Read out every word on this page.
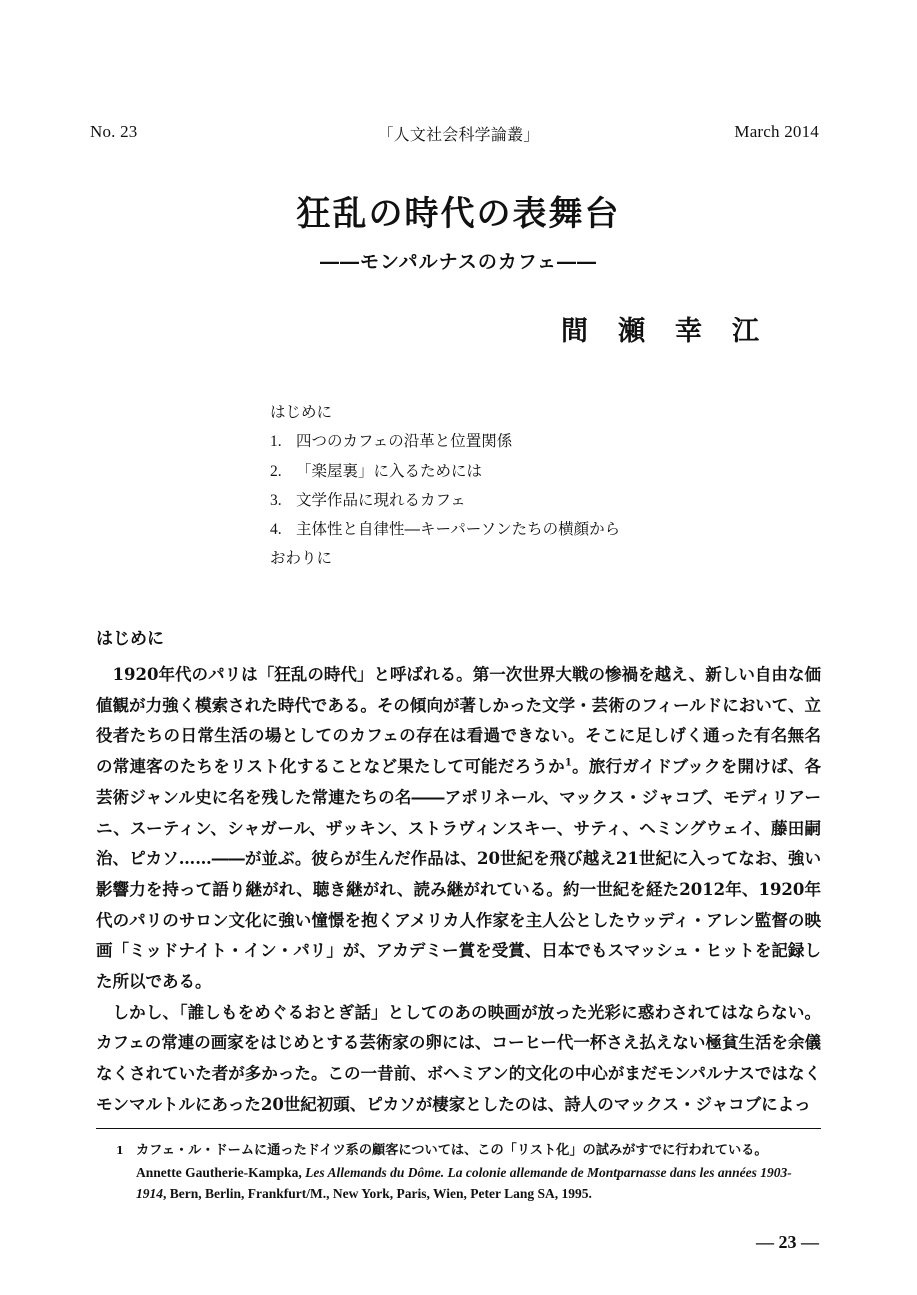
No. 23	「人文社会科学論叢」	March 2014
狂乱の時代の表舞台
――モンパルナスのカフェ――
間瀬幸江
はじめに
1. 四つのカフェの沿革と位置関係
2. 「楽屋裏」に入るためには
3. 文学作品に現れるカフェ
4. 主体性と自律性―キーパーソンたちの横顔から
おわりに
はじめに

1920年代のパリは「狂乱の時代」と呼ばれる。第一次世界大戦の惨禍を越え、新しい自由な価値観が力強く模索された時代である。その傾向が著しかった文学・芸術のフィールドにおいて、立役者たちの日常生活の場としてのカフェの存在は看過できない。そこに足しげく通った有名無名の常連客のたちをリスト化することなど果たして可能だろうか$^1$。旅行ガイドブックを開けば、各芸術ジャンル史に名を残した常連たちの名――アポリネール、マックス・ジャコブ、モディリアーニ、スーティン、シャガール、ザッキン、ストラヴィンスキー、サティ、ヘミングウェイ、藤田嗣治、ピカソ……――が並ぶ。彼らが生んだ作品は、20世紀を飛び越え21世紀に入ってなお、強い影響力を持って語り継がれ、聴き継がれ、読み継がれている。約一世紀を経た2012年、1920年代のパリのサロン文化に強い憧憬を抱くアメリカ人作家を主人公としたウッディ・アレン監督の映画「ミッドナイト・イン・パリ」が、アカデミー賞を受賞、日本でもスマッシュ・ヒットを記録した所以である。

しかし、「誰しもをめぐるおとぎ話」としてのあの映画が放った光彩に惑わされてはならない。カフェの常連の画家をはじめとする芸術家の卵には、コーヒー代一杯さえ払えない極貧生活を余儀なくされていた者が多かった。この一昔前、ボヘミアン的文化の中心がまだモンパルナスではなくモンマルトルにあった20世紀初頭、ピカソが棲家としたのは、詩人のマックス・ジャコブによっ

1 カフェ・ル・ドームに通ったドイツ系の顧客については、この「リスト化」の試みがすでに行われている。
Annette Gautherie-Kampka, Les Allemands du Dôme. La colonie allemande de Montparnasse dans les années 1903-1914, Bern, Berlin, Frankfurt/M., New York, Paris, Wien, Peter Lang SA, 1995.
― 23 ―
